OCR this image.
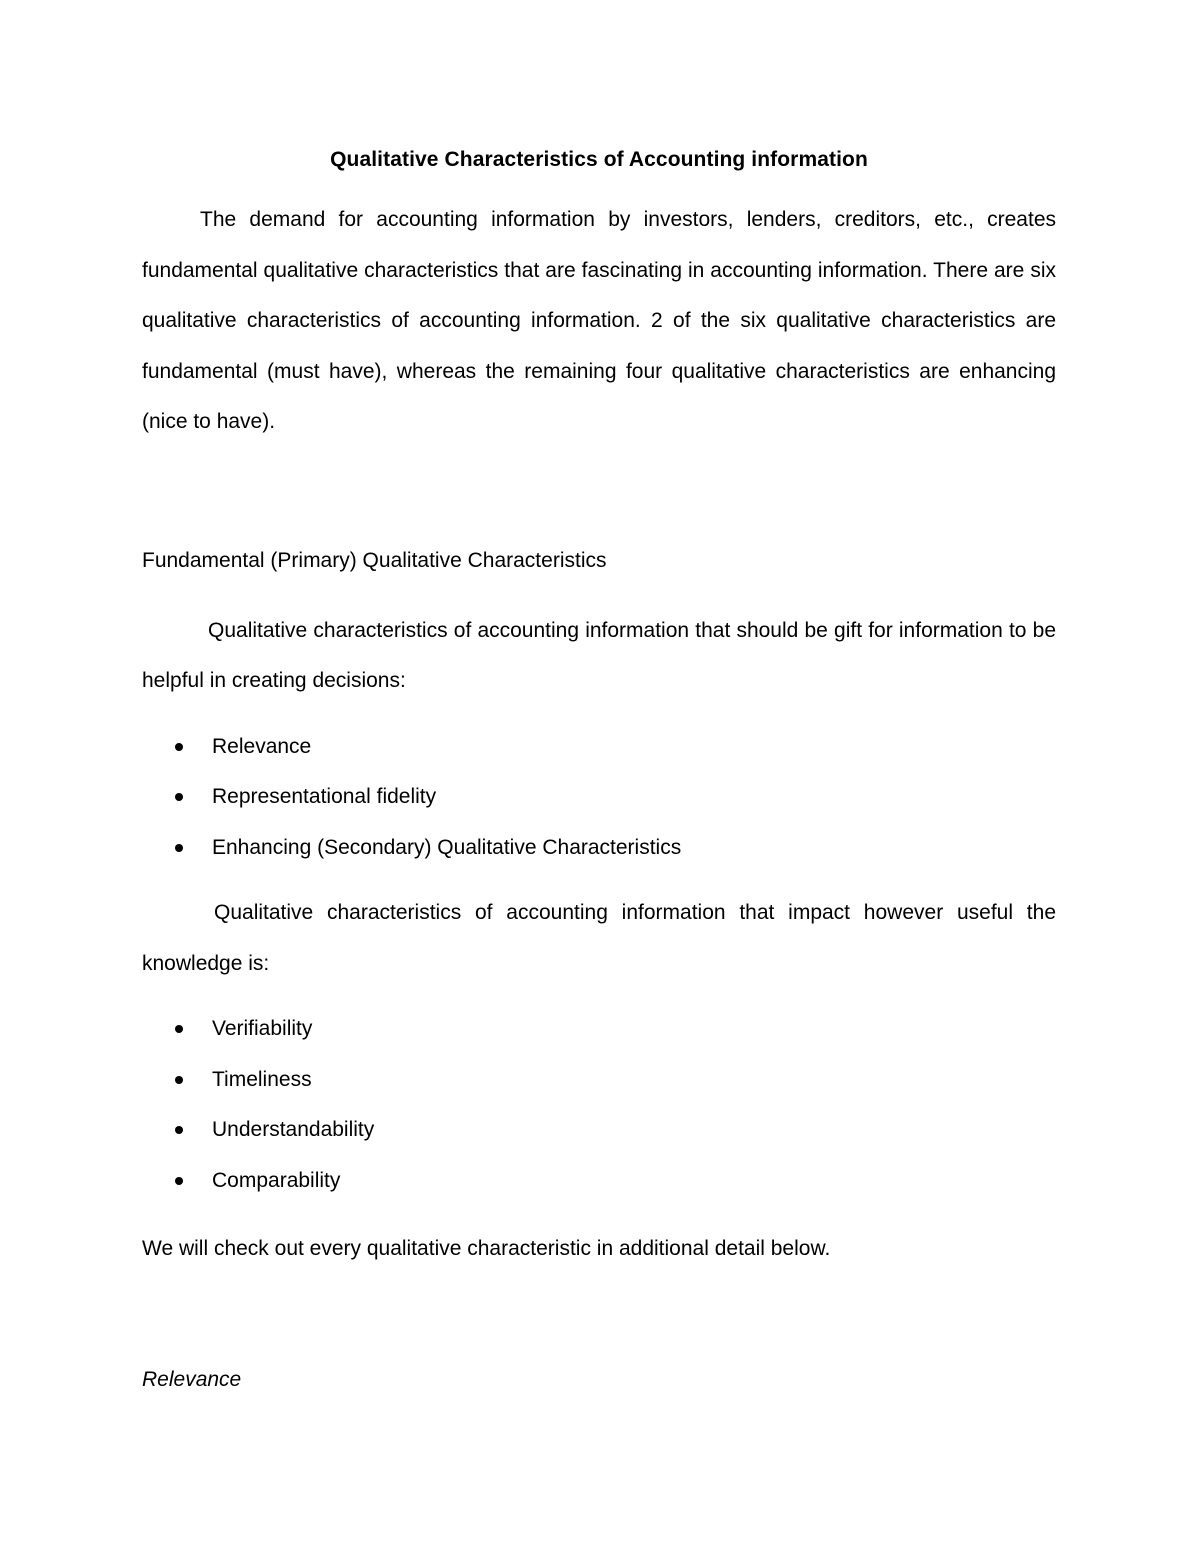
Qualitative Characteristics of Accounting information

The demand for accounting information by investors, lenders, creditors, etc., creates fundamental qualitative characteristics that are fascinating in accounting information. There are six qualitative characteristics of accounting information. 2 of the six qualitative characteristics are fundamental (must have), whereas the remaining four qualitative characteristics are enhancing (nice to have).

Fundamental (Primary) Qualitative Characteristics

Qualitative characteristics of accounting information that should be gift for information to be helpful in creating decisions:

Relevance
Representational fidelity
Enhancing (Secondary) Qualitative Characteristics

Qualitative characteristics of accounting information that impact however useful the knowledge is:

Verifiability
Timeliness
Understandability
Comparability

We will check out every qualitative characteristic in additional detail below.

Relevance
